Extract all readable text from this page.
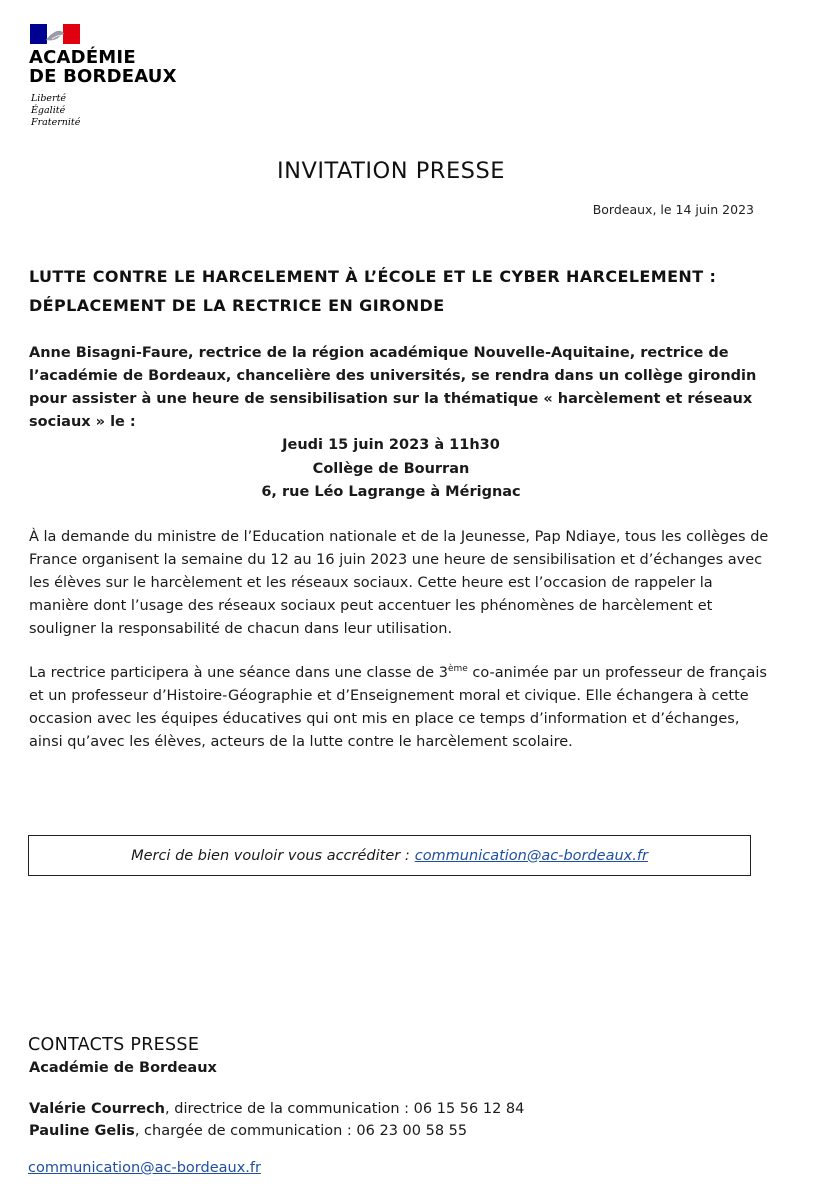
ACADÉMIE
DE BORDEAUX
Liberté
Égalité
Fraternité
INVITATION PRESSE
Bordeaux, le 14 juin 2023
LUTTE CONTRE LE HARCELEMENT À L’ÉCOLE ET LE CYBER HARCELEMENT :
DÉPLACEMENT DE LA RECTRICE EN GIRONDE
Anne Bisagni-Faure, rectrice de la région académique Nouvelle-Aquitaine, rectrice de l’académie de Bordeaux, chancelière des universités, se rendra dans un collège girondin pour assister à une heure de sensibilisation sur la thématique « harcèlement et réseaux sociaux » le :
Jeudi 15 juin 2023 à 11h30
Collège de Bourran
6, rue Léo Lagrange à Mérignac
À la demande du ministre de l’Education nationale et de la Jeunesse, Pap Ndiaye, tous les collèges de France organisent la semaine du 12 au 16 juin 2023 une heure de sensibilisation et d’échanges avec les élèves sur le harcèlement et les réseaux sociaux. Cette heure est l’occasion de rappeler la manière dont l’usage des réseaux sociaux peut accentuer les phénomènes de harcèlement et souligner la responsabilité de chacun dans leur utilisation.
La rectrice participera à une séance dans une classe de 3ème co-animée par un professeur de français et un professeur d’Histoire-Géographie et d’Enseignement moral et civique. Elle échangera à cette occasion avec les équipes éducatives qui ont mis en place ce temps d’information et d’échanges, ainsi qu’avec les élèves, acteurs de la lutte contre le harcèlement scolaire.
Merci de bien vouloir vous accréditer : communication@ac-bordeaux.fr
CONTACTS PRESSE
Académie de Bordeaux
Valérie Courrech, directrice de la communication : 06 15 56 12 84
Pauline Gelis, chargée de communication : 06 23 00 58 55
communication@ac-bordeaux.fr
